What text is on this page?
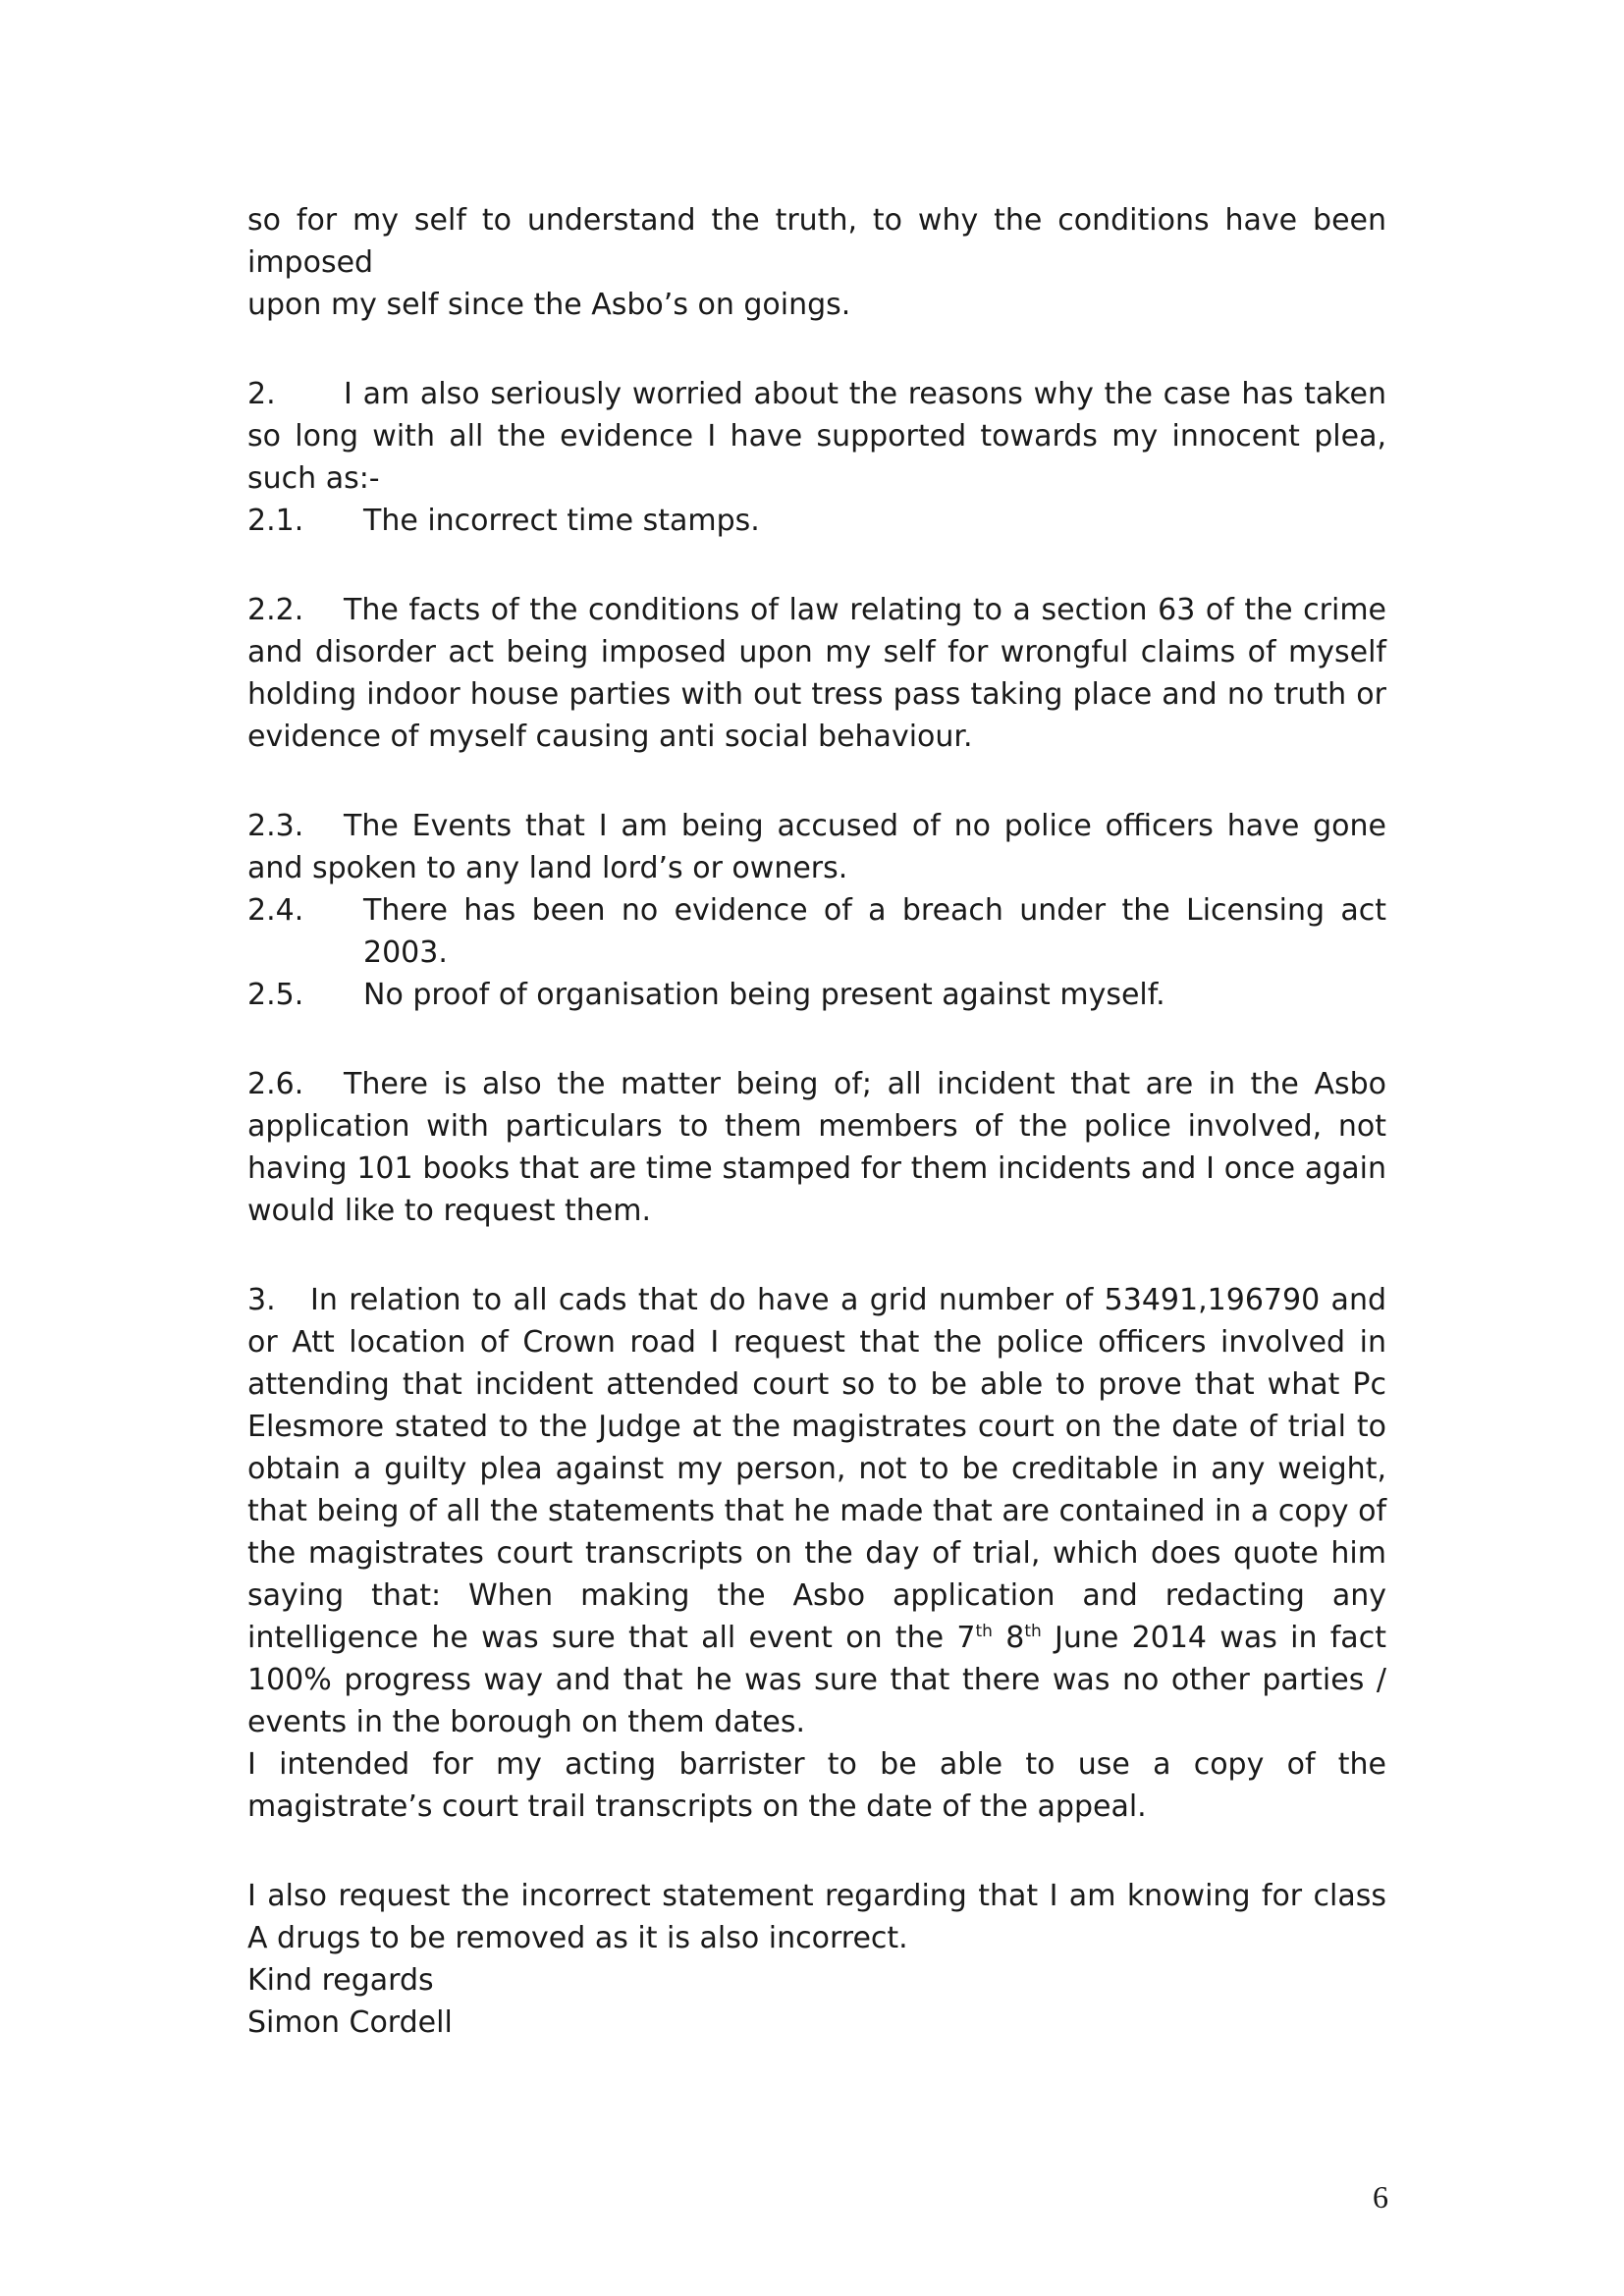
so for my self to understand the truth, to why the conditions have been imposed
upon my self since the Asbo’s on goings.

2. I am also seriously worried about the reasons why the case has taken so long with all the evidence I have supported towards my innocent plea, such as:-

2.1.	The incorrect time stamps.

2.2. The facts of the conditions of law relating to a section 63 of the crime and disorder act being imposed upon my self for wrongful claims of myself holding indoor house parties with out tress pass taking place and no truth or evidence of myself causing anti social behaviour.

2.3. The Events that I am being accused of no police officers have gone and spoken to any land lord’s or owners.

2.4.	There has been no evidence of a breach under the Licensing act 2003.
2.5.	No proof of organisation being present against myself.

2.6. There is also the matter being of; all incident that are in the Asbo application with particulars to them members of the police involved, not having 101 books that are time stamped for them incidents and I once again would like to request them.

3. In relation to all cads that do have a grid number of 53491,196790 and or Att location of Crown road I request that the police officers involved in attending that incident attended court so to be able to prove that what Pc Elesmore stated to the Judge at the magistrates court on the date of trial to obtain a guilty plea against my person, not to be creditable in any weight, that being of all the statements that he made that are contained in a copy of the magistrates court transcripts on the day of trial, which does quote him saying that: When making the Asbo application and redacting any intelligence he was sure that all event on the 7th 8th June 2014 was in fact 100% progress way and that he was sure that there was no other parties / events in the borough on them dates.

I intended for my acting barrister to be able to use a copy of the magistrate’s court trail transcripts on the date of the appeal.

I also request the incorrect statement regarding that I am knowing for class A drugs to be removed as it is also incorrect.

Kind regards
Simon Cordell

6
